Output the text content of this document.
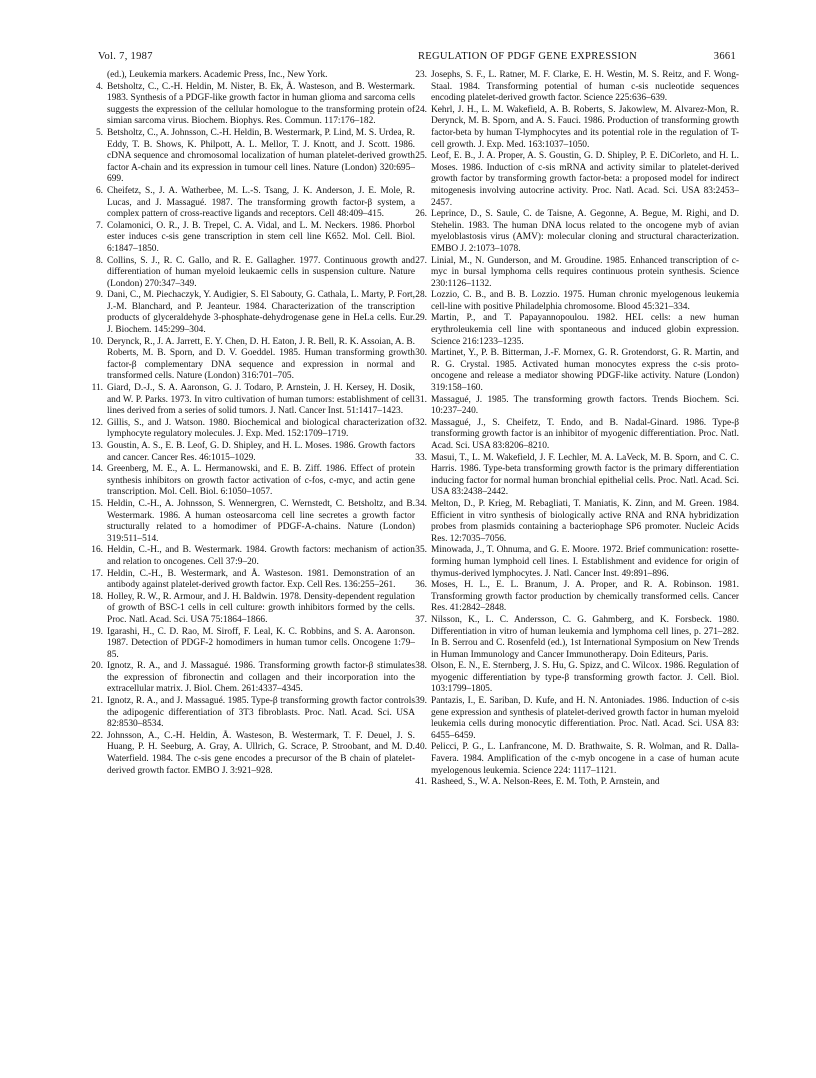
Vol. 7, 1987	REGULATION OF PDGF GENE EXPRESSION	3661

(ed.), Leukemia markers. Academic Press, Inc., New York.

4. Betsholtz, C., C.-H. Heldin, M. Nister, B. Ek, Å. Wasteson, and B. Westermark. 1983. Synthesis of a PDGF-like growth factor in human glioma and sarcoma cells suggests the expression of the cellular homologue to the transforming protein of simian sarcoma virus. Biochem. Biophys. Res. Commun. 117:176–182.

5. Betsholtz, C., A. Johnsson, C.-H. Heldin, B. Westermark, P. Lind, M. S. Urdea, R. Eddy, T. B. Shows, K. Philpott, A. L. Mellor, T. J. Knott, and J. Scott. 1986. cDNA sequence and chromosomal localization of human platelet-derived growth factor A-chain and its expression in tumour cell lines. Nature (London) 320:695–699.

6. Cheifetz, S., J. A. Watherbee, M. L.-S. Tsang, J. K. Anderson, J. E. Mole, R. Lucas, and J. Massagué. 1987. The transforming growth factor-β system, a complex pattern of cross-reactive ligands and receptors. Cell 48:409–415.

7. Colamonici, O. R., J. B. Trepel, C. A. Vidal, and L. M. Neckers. 1986. Phorbol ester induces c-sis gene transcription in stem cell line K652. Mol. Cell. Biol. 6:1847–1850.

8. Collins, S. J., R. C. Gallo, and R. E. Gallagher. 1977. Continuous growth and differentiation of human myeloid leukaemic cells in suspension culture. Nature (London) 270:347–349.

9. Dani, C., M. Piechaczyk, Y. Audigier, S. El Sabouty, G. Cathala, L. Marty, P. Fort, J.-M. Blanchard, and P. Jeanteur. 1984. Characterization of the transcription products of glyceraldehyde 3-phosphate-dehydrogenase gene in HeLa cells. Eur. J. Biochem. 145:299–304.

10. Derynck, R., J. A. Jarrett, E. Y. Chen, D. H. Eaton, J. R. Bell, R. K. Assoian, A. B. Roberts, M. B. Sporn, and D. V. Goeddel. 1985. Human transforming growth factor-β complementary DNA sequence and expression in normal and transformed cells. Nature (London) 316:701–705.

11. Giard, D.-J., S. A. Aaronson, G. J. Todaro, P. Arnstein, J. H. Kersey, H. Dosik, and W. P. Parks. 1973. In vitro cultivation of human tumors: establishment of cell lines derived from a series of solid tumors. J. Natl. Cancer Inst. 51:1417–1423.

12. Gillis, S., and J. Watson. 1980. Biochemical and biological characterization of lymphocyte regulatory molecules. J. Exp. Med. 152:1709–1719.

13. Goustin, A. S., E. B. Leof, G. D. Shipley, and H. L. Moses. 1986. Growth factors and cancer. Cancer Res. 46:1015–1029.

14. Greenberg, M. E., A. L. Hermanowski, and E. B. Ziff. 1986. Effect of protein synthesis inhibitors on growth factor activation of c-fos, c-myc, and actin gene transcription. Mol. Cell. Biol. 6:1050–1057.

15. Heldin, C.-H., A. Johnsson, S. Wennergren, C. Wernstedt, C. Betsholtz, and B. Westermark. 1986. A human osteosarcoma cell line secretes a growth factor structurally related to a homodimer of PDGF-A-chains. Nature (London) 319:511–514.

16. Heldin, C.-H., and B. Westermark. 1984. Growth factors: mechanism of action and relation to oncogenes. Cell 37:9–20.

17. Heldin, C.-H., B. Westermark, and Å. Wasteson. 1981. Demonstration of an antibody against platelet-derived growth factor. Exp. Cell Res. 136:255–261.

18. Holley, R. W., R. Armour, and J. H. Baldwin. 1978. Density-dependent regulation of growth of BSC-1 cells in cell culture: growth inhibitors formed by the cells. Proc. Natl. Acad. Sci. USA 75:1864–1866.

19. Igarashi, H., C. D. Rao, M. Siroff, F. Leal, K. C. Robbins, and S. A. Aaronson. 1987. Detection of PDGF-2 homodimers in human tumor cells. Oncogene 1:79–85.

20. Ignotz, R. A., and J. Massagué. 1986. Transforming growth factor-β stimulates the expression of fibronectin and collagen and their incorporation into the extracellular matrix. J. Biol. Chem. 261:4337–4345.

21. Ignotz, R. A., and J. Massagué. 1985. Type-β transforming growth factor controls the adipogenic differentiation of 3T3 fibroblasts. Proc. Natl. Acad. Sci. USA 82:8530–8534.

22. Johnsson, A., C.-H. Heldin, Å. Wasteson, B. Westermark, T. F. Deuel, J. S. Huang, P. H. Seeburg, A. Gray, A. Ullrich, G. Scrace, P. Stroobant, and M. D. Waterfield. 1984. The c-sis gene encodes a precursor of the B chain of platelet-derived growth factor. EMBO J. 3:921–928.

23. Josephs, S. F., L. Ratner, M. F. Clarke, E. H. Westin, M. S. Reitz, and F. Wong-Staal. 1984. Transforming potential of human c-sis nucleotide sequences encoding platelet-derived growth factor. Science 225:636–639.

24. Kehrl, J. H., L. M. Wakefield, A. B. Roberts, S. Jakowlew, M. Alvarez-Mon, R. Derynck, M. B. Sporn, and A. S. Fauci. 1986. Production of transforming growth factor-beta by human T-lymphocytes and its potential role in the regulation of T-cell growth. J. Exp. Med. 163:1037–1050.

25. Leof, E. B., J. A. Proper, A. S. Goustin, G. D. Shipley, P. E. DiCorleto, and H. L. Moses. 1986. Induction of c-sis mRNA and activity similar to platelet-derived growth factor by transforming growth factor-beta: a proposed model for indirect mitogenesis involving autocrine activity. Proc. Natl. Acad. Sci. USA 83:2453–2457.

26. Leprince, D., S. Saule, C. de Taisne, A. Gegonne, A. Begue, M. Righi, and D. Stehelin. 1983. The human DNA locus related to the oncogene myb of avian myeloblastosis virus (AMV): molecular cloning and structural characterization. EMBO J. 2:1073–1078.

27. Linial, M., N. Gunderson, and M. Groudine. 1985. Enhanced transcription of c-myc in bursal lymphoma cells requires continuous protein synthesis. Science 230:1126–1132.

28. Lozzio, C. B., and B. B. Lozzio. 1975. Human chronic myelogenous leukemia cell-line with positive Philadelphia chromosome. Blood 45:321–334.

29. Martin, P., and T. Papayannopoulou. 1982. HEL cells: a new human erythroleukemia cell line with spontaneous and induced globin expression. Science 216:1233–1235.

30. Martinet, Y., P. B. Bitterman, J.-F. Mornex, G. R. Grotendorst, G. R. Martin, and R. G. Crystal. 1985. Activated human monocytes express the c-sis proto-oncogene and release a mediator showing PDGF-like activity. Nature (London) 319:158–160.

31. Massagué, J. 1985. The transforming growth factors. Trends Biochem. Sci. 10:237–240.

32. Massagué, J., S. Cheifetz, T. Endo, and B. Nadal-Ginard. 1986. Type-β transforming growth factor is an inhibitor of myogenic differentiation. Proc. Natl. Acad. Sci. USA 83:8206–8210.

33. Masui, T., L. M. Wakefield, J. F. Lechler, M. A. LaVeck, M. B. Sporn, and C. C. Harris. 1986. Type-beta transforming growth factor is the primary differentiation inducing factor for normal human bronchial epithelial cells. Proc. Natl. Acad. Sci. USA 83:2438–2442.

34. Melton, D., P. Krieg, M. Rebagliati, T. Maniatis, K. Zinn, and M. Green. 1984. Efficient in vitro synthesis of biologically active RNA and RNA hybridization probes from plasmids containing a bacteriophage SP6 promoter. Nucleic Acids Res. 12:7035–7056.

35. Minowada, J., T. Ohnuma, and G. E. Moore. 1972. Brief communication: rosette-forming human lymphoid cell lines. I. Establishment and evidence for origin of thymus-derived lymphocytes. J. Natl. Cancer Inst. 49:891–896.

36. Moses, H. L., E. L. Branum, J. A. Proper, and R. A. Robinson. 1981. Transforming growth factor production by chemically transformed cells. Cancer Res. 41:2842–2848.

37. Nilsson, K., L. C. Andersson, C. G. Gahmberg, and K. Forsbeck. 1980. Differentiation in vitro of human leukemia and lymphoma cell lines, p. 271–282. In B. Serrou and C. Rosenfeld (ed.), 1st International Symposium on New Trends in Human Immunology and Cancer Immunotherapy. Doin Editeurs, Paris.

38. Olson, E. N., E. Sternberg, J. S. Hu, G. Spizz, and C. Wilcox. 1986. Regulation of myogenic differentiation by type-β transforming growth factor. J. Cell. Biol. 103:1799–1805.

39. Pantazis, I., E. Sariban, D. Kufe, and H. N. Antoniades. 1986. Induction of c-sis gene expression and synthesis of platelet-derived growth factor in human myeloid leukemia cells during monocytic differentiation. Proc. Natl. Acad. Sci. USA 83: 6455–6459.

40. Pelicci, P. G., L. Lanfrancone, M. D. Brathwaite, S. R. Wolman, and R. Dalla-Favera. 1984. Amplification of the c-myb oncogene in a case of human acute myelogenous leukemia. Science 224: 1117–1121.

41. Rasheed, S., W. A. Nelson-Rees, E. M. Toth, P. Arnstein, and
